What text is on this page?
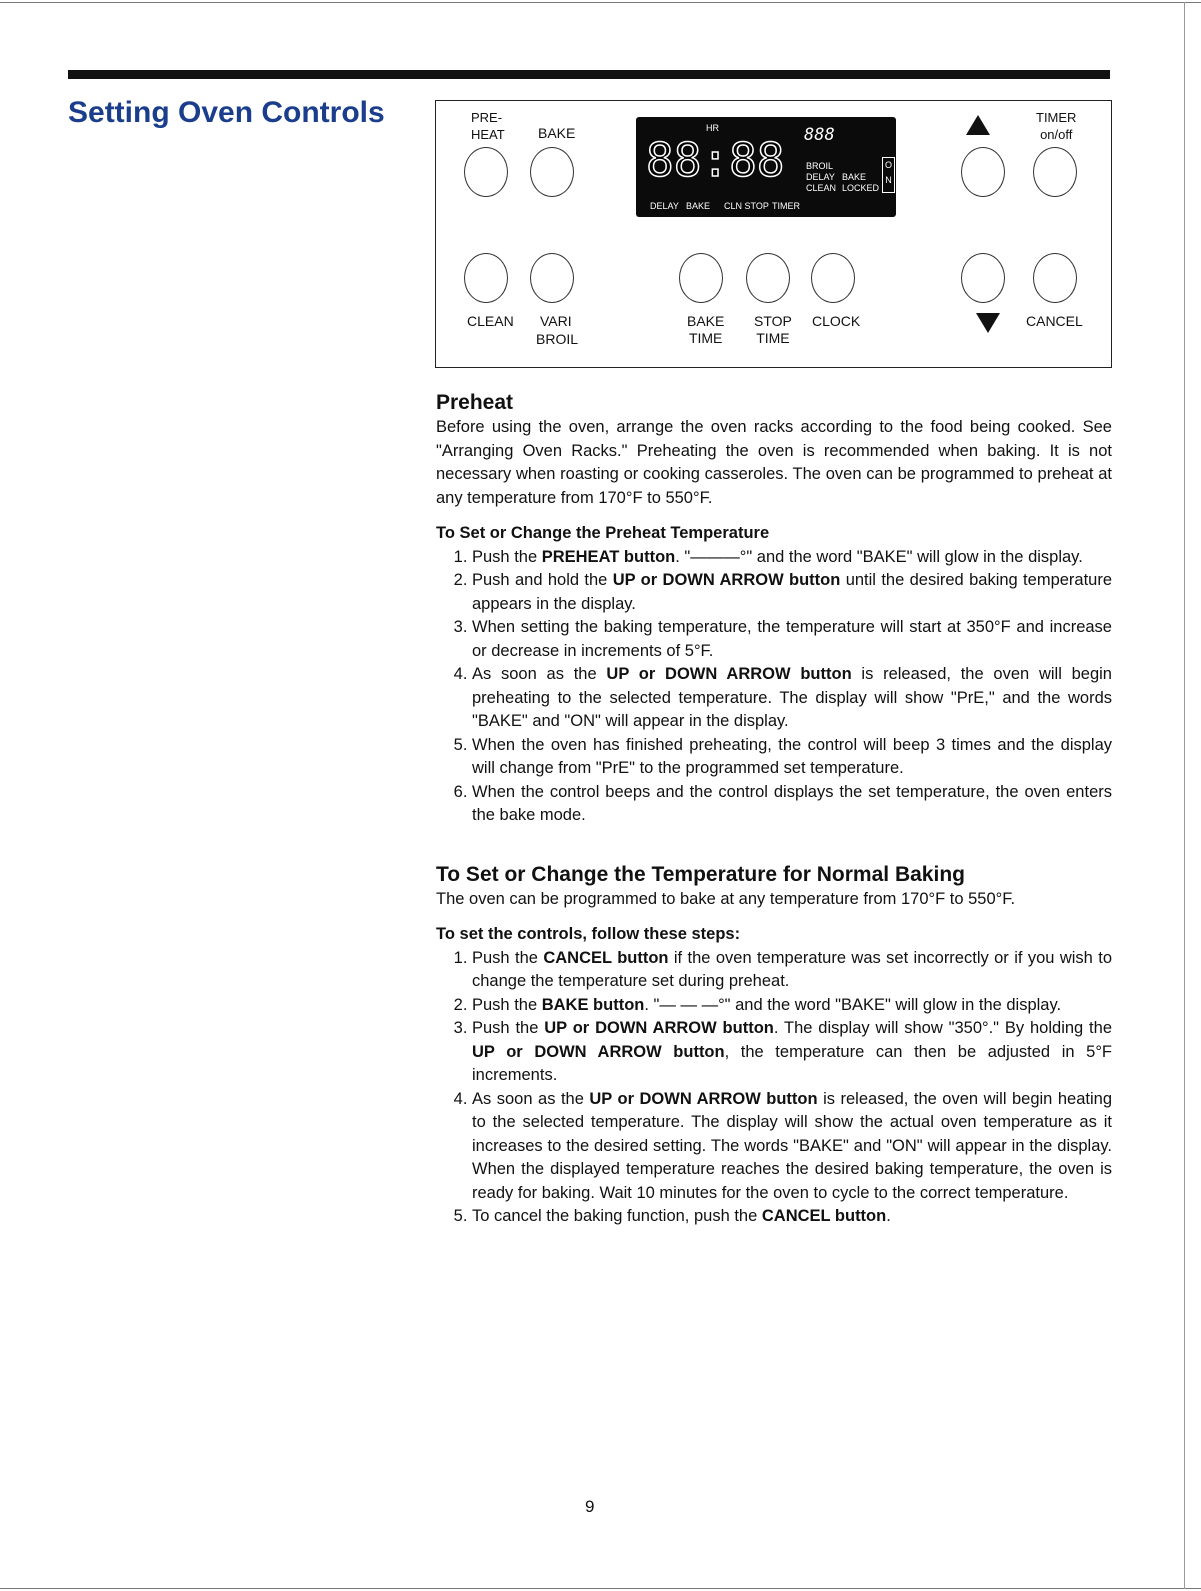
Setting Oven Controls	PRE-
HEAT BAKE	HR
88:88 888
BROIL
DELAY
CLEAN
BAKE
LOCKED
O
N
DELAY BAKE CLN STOP TIMER
TIMER
on/off
CLEAN VARI
BROIL
BAKE
TIME
STOP
TIME
CLOCK	CANCEL
Preheat

Before using the oven, arrange the oven racks according to the food being cooked. See "Arranging Oven Racks." Preheating the oven is recommended when baking. It is not necessary when roasting or cooking casseroles. The oven can be programmed to preheat at any temperature from 170°F to 550°F.

To Set or Change the Preheat Temperature
1. Push the PREHEAT button. "———°" and the word "BAKE" will glow in the display.
2. Push and hold the UP or DOWN ARROW button until the desired baking temperature appears in the display.
3. When setting the baking temperature, the temperature will start at 350°F and increase or decrease in increments of 5°F.
4. As soon as the UP or DOWN ARROW button is released, the oven will begin preheating to the selected temperature. The display will show "PrE," and the words "BAKE" and "ON" will appear in the display.
5. When the oven has finished preheating, the control will beep 3 times and the display will change from "PrE" to the programmed set temperature.
6. When the control beeps and the control displays the set temperature, the oven enters the bake mode.
To Set or Change the Temperature for Normal Baking

The oven can be programmed to bake at any temperature from 170°F to 550°F.

To set the controls, follow these steps:
1. Push the CANCEL button if the oven temperature was set incorrectly or if you wish to change the temperature set during preheat.
2. Push the BAKE button. "— — —°" and the word "BAKE" will glow in the display.
3. Push the UP or DOWN ARROW button. The display will show "350°." By holding the UP or DOWN ARROW button, the temperature can then be adjusted in 5°F increments.
4. As soon as the UP or DOWN ARROW button is released, the oven will begin heating to the selected temperature. The display will show the actual oven temperature as it increases to the desired setting. The words "BAKE" and "ON" will appear in the display. When the displayed temperature reaches the desired baking temperature, the oven is ready for baking. Wait 10 minutes for the oven to cycle to the correct temperature.
5. To cancel the baking function, push the CANCEL button.
9
